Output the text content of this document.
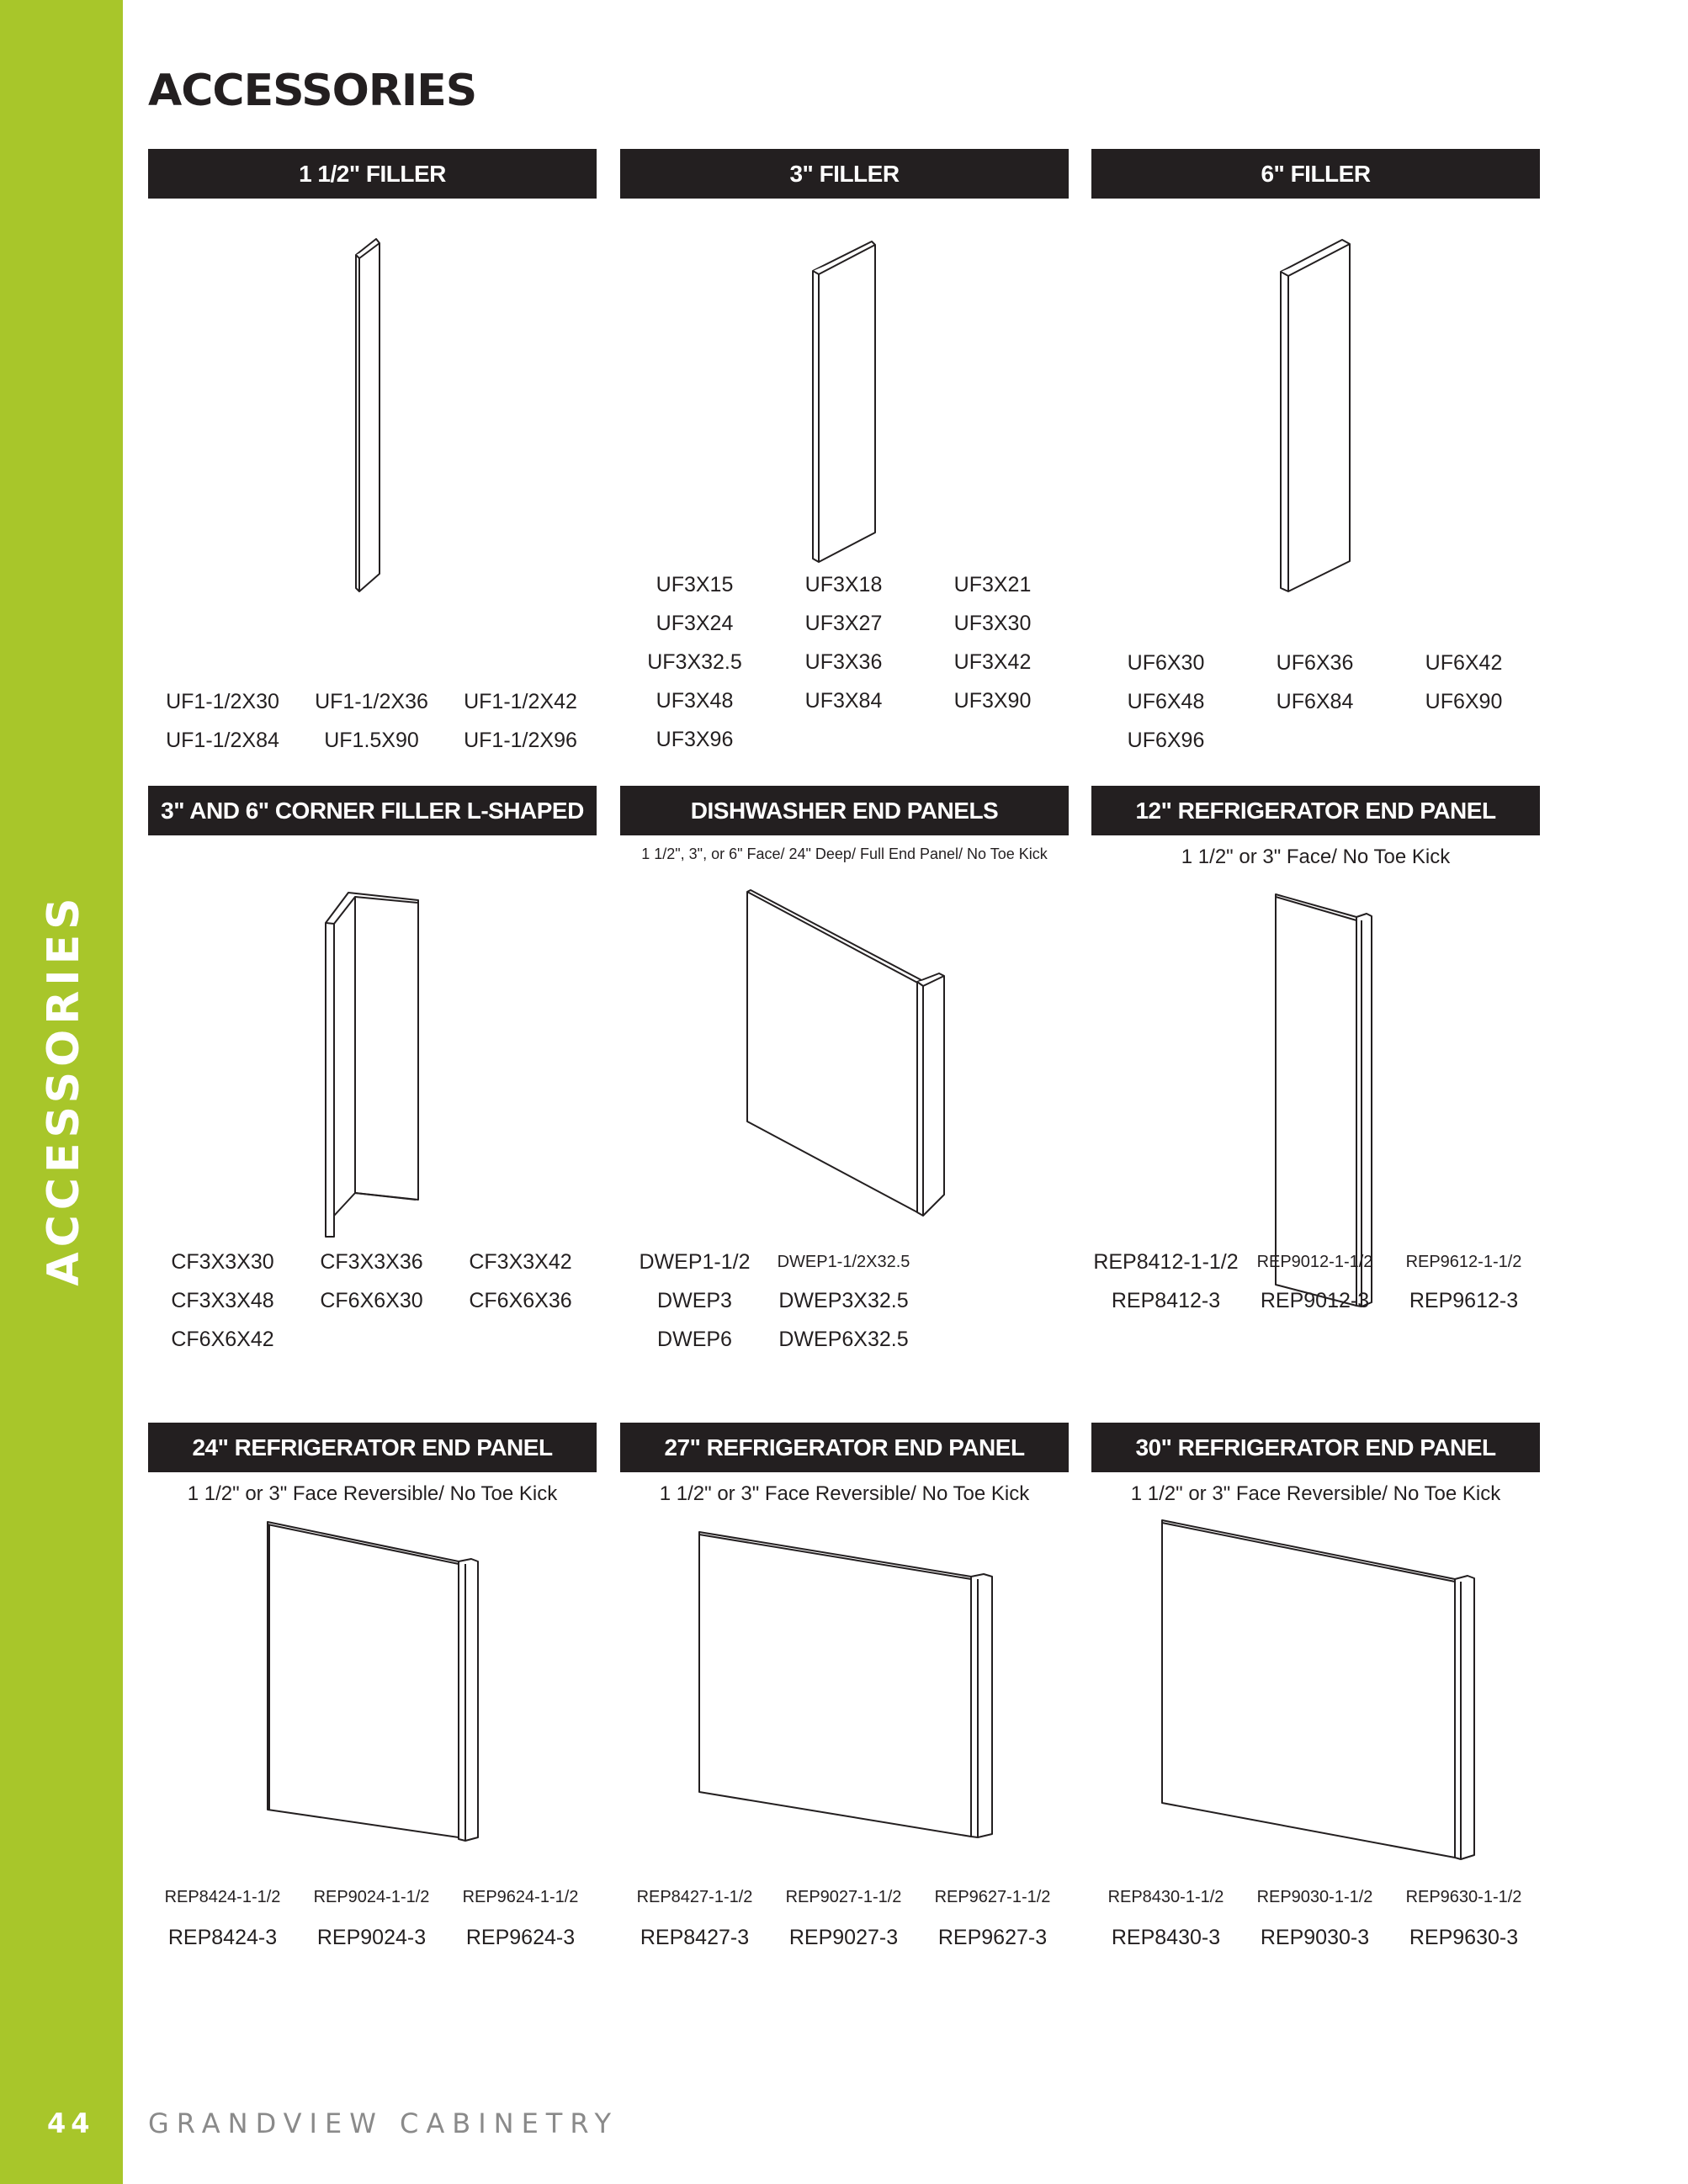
ACCESSORIES
44 GRANDVIEW CABINETRY
ACCESSORIES
1 1/2" FILLER	3" FILLER	6" FILLER
UF1-1/2X30	UF1-1/2X36	UF1-1/2X42
UF1-1/2X84	UF1.5X90	UF1-1/2X96
UF3X15	UF3X18	UF3X21
UF3X24	UF3X27	UF3X30
UF3X32.5	UF3X36	UF3X42
UF3X48	UF3X84	UF3X90
UF3X96
UF6X30	UF6X36	UF6X42
UF6X48	UF6X84	UF6X90
UF6X96
3" AND 6" CORNER FILLER L-SHAPED	DISHWASHER END PANELS
1 1/2", 3", or 6" Face/ 24" Deep/ Full End Panel/ No Toe Kick
12" REFRIGERATOR END PANEL
1 1/2" or 3" Face/ No Toe Kick
CF3X3X30	CF3X3X36	CF3X3X42
CF3X3X48	CF6X6X30	CF6X6X36
CF6X6X42
DWEP1-1/2	DWEP1-1/2X32.5
DWEP3	DWEP3X32.5
DWEP6	DWEP6X32.5
REP8412-1-1/2	REP9012-1-1/2	REP9612-1-1/2
REP8412-3	REP9012-3	REP9612-3
24" REFRIGERATOR END PANEL
1 1/2" or 3" Face Reversible/ No Toe Kick
27" REFRIGERATOR END PANEL
1 1/2" or 3" Face Reversible/ No Toe Kick
30" REFRIGERATOR END PANEL
1 1/2" or 3" Face Reversible/ No Toe Kick
REP8424-1-1/2	REP9024-1-1/2	REP9624-1-1/2
REP8424-3	REP9024-3	REP9624-3
REP8427-1-1/2	REP9027-1-1/2	REP9627-1-1/2
REP8427-3	REP9027-3	REP9627-3
REP8430-1-1/2	REP9030-1-1/2	REP9630-1-1/2
REP8430-3	REP9030-3	REP9630-3
